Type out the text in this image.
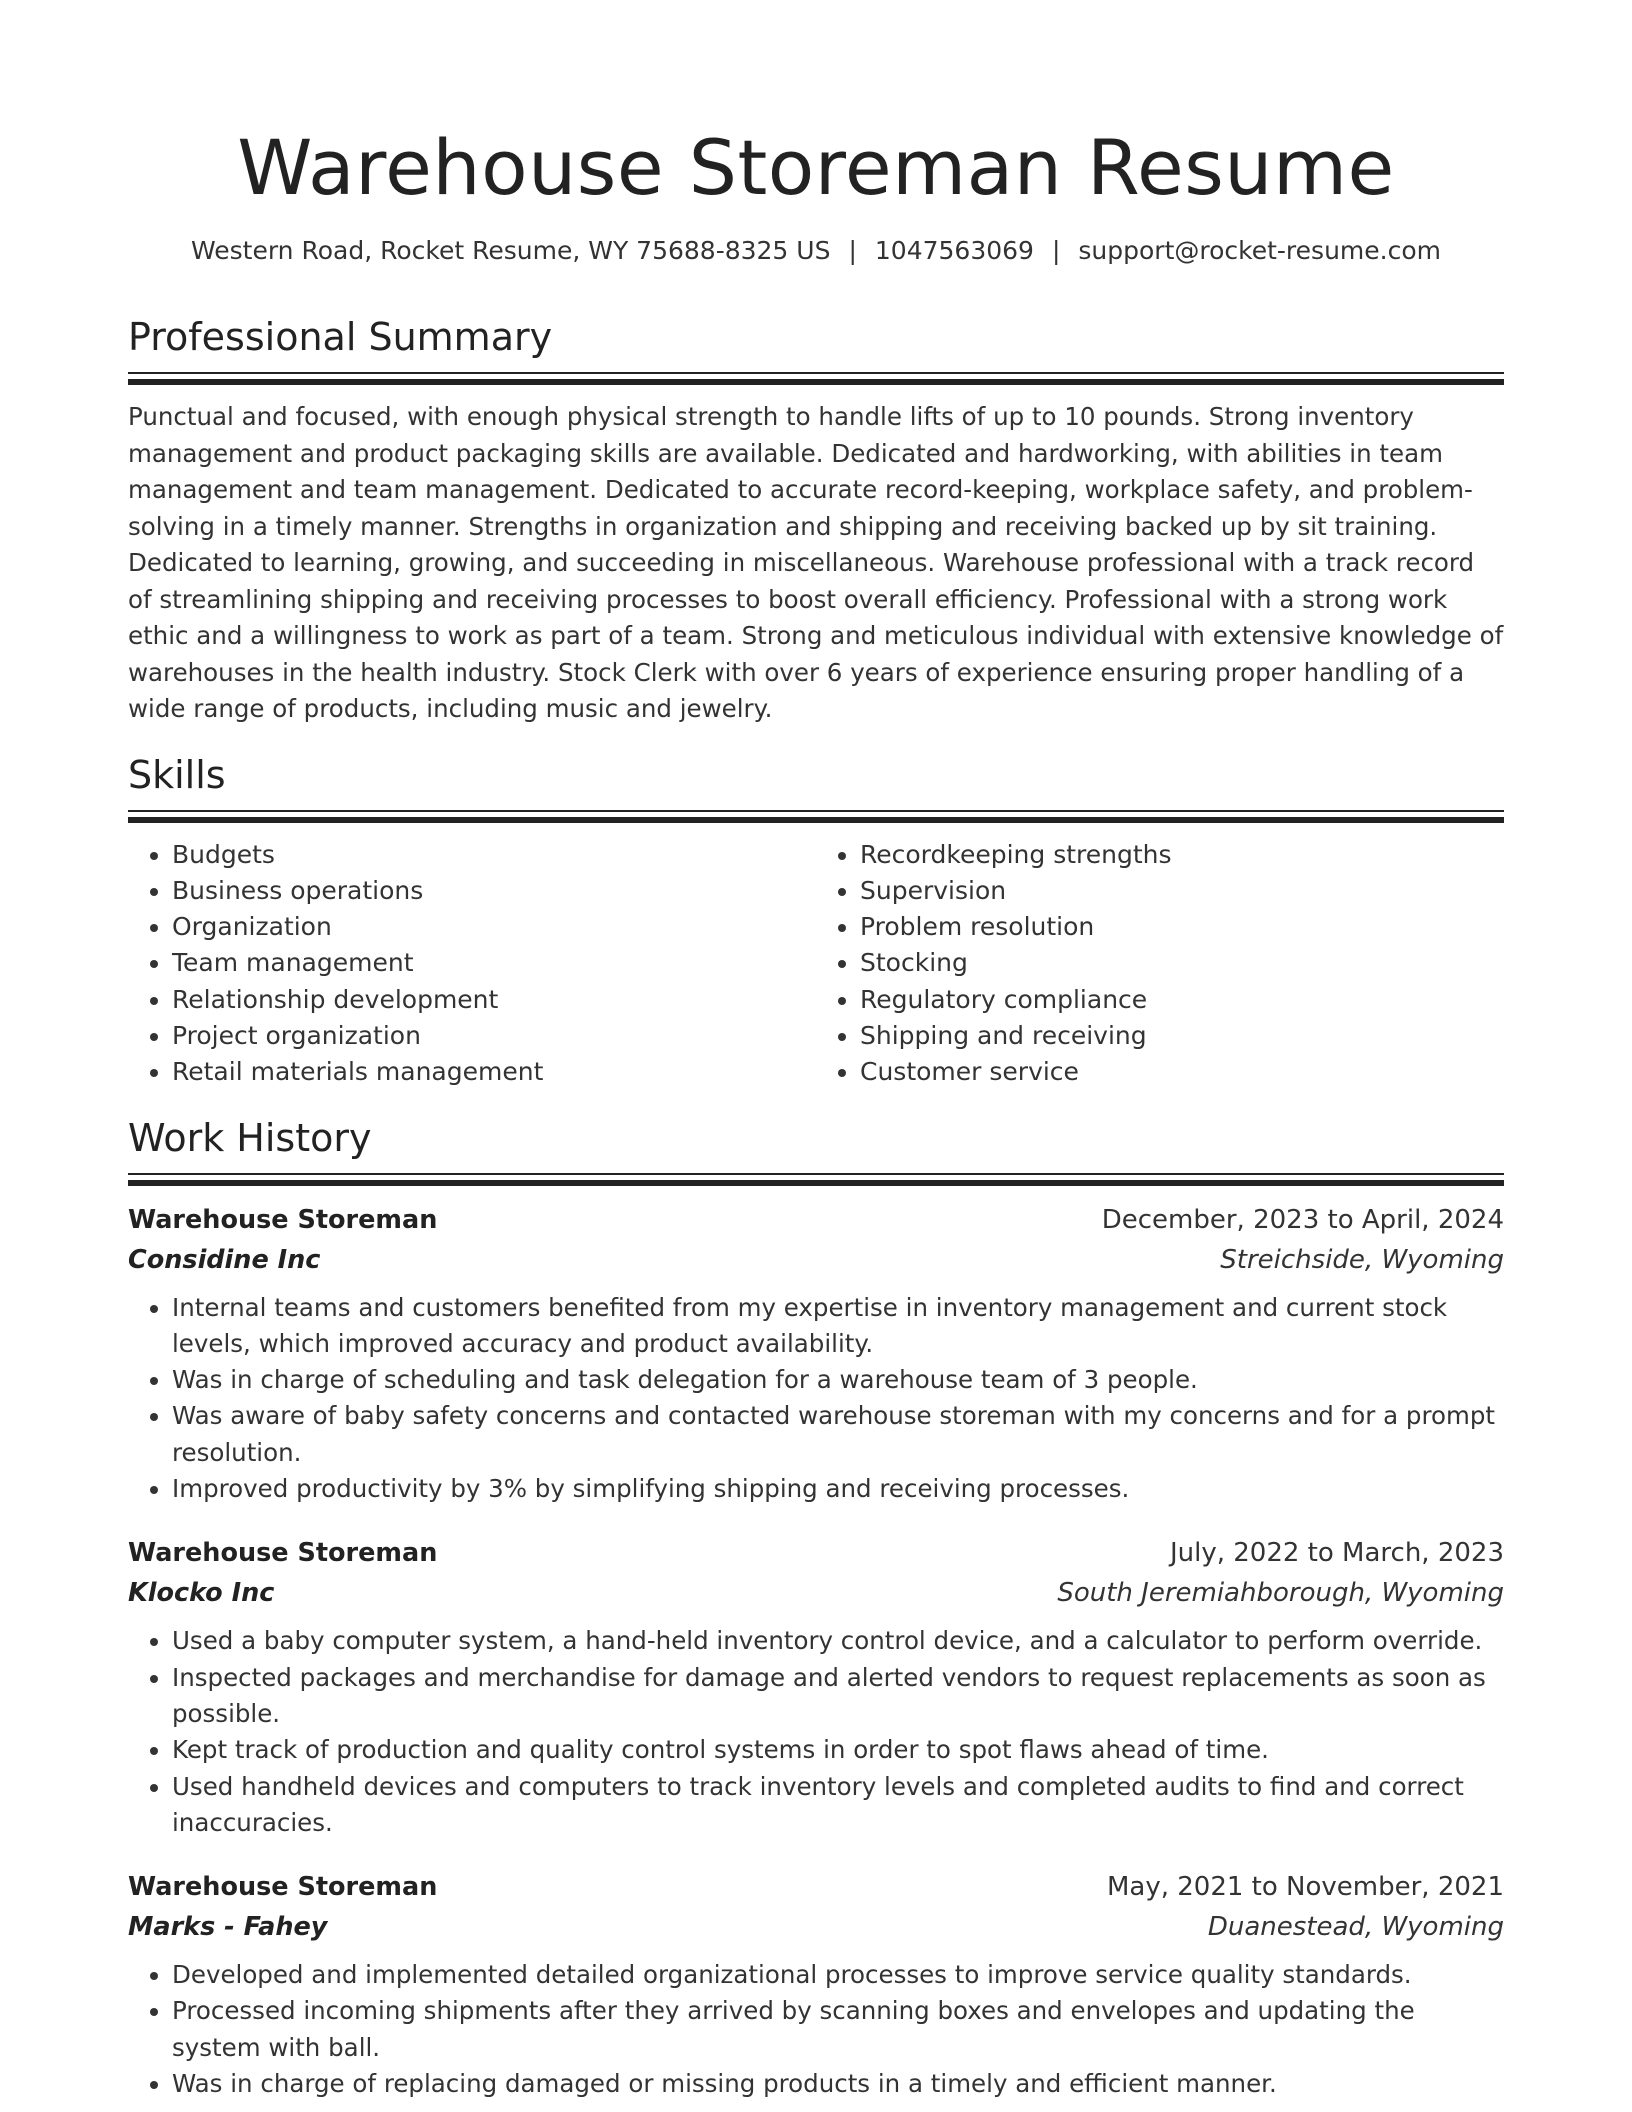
Warehouse Storeman Resume
Western Road, Rocket Resume, WY 75688-8325 US | 1047563069 | support@rocket-resume.com
Professional Summary

Punctual and focused, with enough physical strength to handle lifts of up to 10 pounds. Strong inventory management and product packaging skills are available. Dedicated and hardworking, with abilities in team management and team management. Dedicated to accurate record-keeping, workplace safety, and problem-solving in a timely manner. Strengths in organization and shipping and receiving backed up by sit training. Dedicated to learning, growing, and succeeding in miscellaneous. Warehouse professional with a track record of streamlining shipping and receiving processes to boost overall efficiency. Professional with a strong work ethic and a willingness to work as part of a team. Strong and meticulous individual with extensive knowledge of warehouses in the health industry. Stock Clerk with over 6 years of experience ensuring proper handling of a wide range of products, including music and jewelry.

Skills
• Budgets
• Business operations
• Organization
• Team management
• Relationship development
• Project organization
• Retail materials management
• Recordkeeping strengths
• Supervision
• Problem resolution
• Stocking
• Regulatory compliance
• Shipping and receiving
• Customer service
Work History
Warehouse Storeman	December, 2023 to April, 2024
Considine Inc	Streichside, Wyoming
• Internal teams and customers benefited from my expertise in inventory management and current stock levels, which improved accuracy and product availability.
• Was in charge of scheduling and task delegation for a warehouse team of 3 people.
• Was aware of baby safety concerns and contacted warehouse storeman with my concerns and for a prompt resolution.
• Improved productivity by 3% by simplifying shipping and receiving processes.
Warehouse Storeman	July, 2022 to March, 2023
Klocko Inc	South Jeremiahborough, Wyoming
• Used a baby computer system, a hand-held inventory control device, and a calculator to perform override.
• Inspected packages and merchandise for damage and alerted vendors to request replacements as soon as possible.
• Kept track of production and quality control systems in order to spot flaws ahead of time.
• Used handheld devices and computers to track inventory levels and completed audits to find and correct inaccuracies.
Warehouse Storeman	May, 2021 to November, 2021
Marks - Fahey	Duanestead, Wyoming
• Developed and implemented detailed organizational processes to improve service quality standards.
• Processed incoming shipments after they arrived by scanning boxes and envelopes and updating the system with ball.
• Was in charge of replacing damaged or missing products in a timely and efficient manner.
